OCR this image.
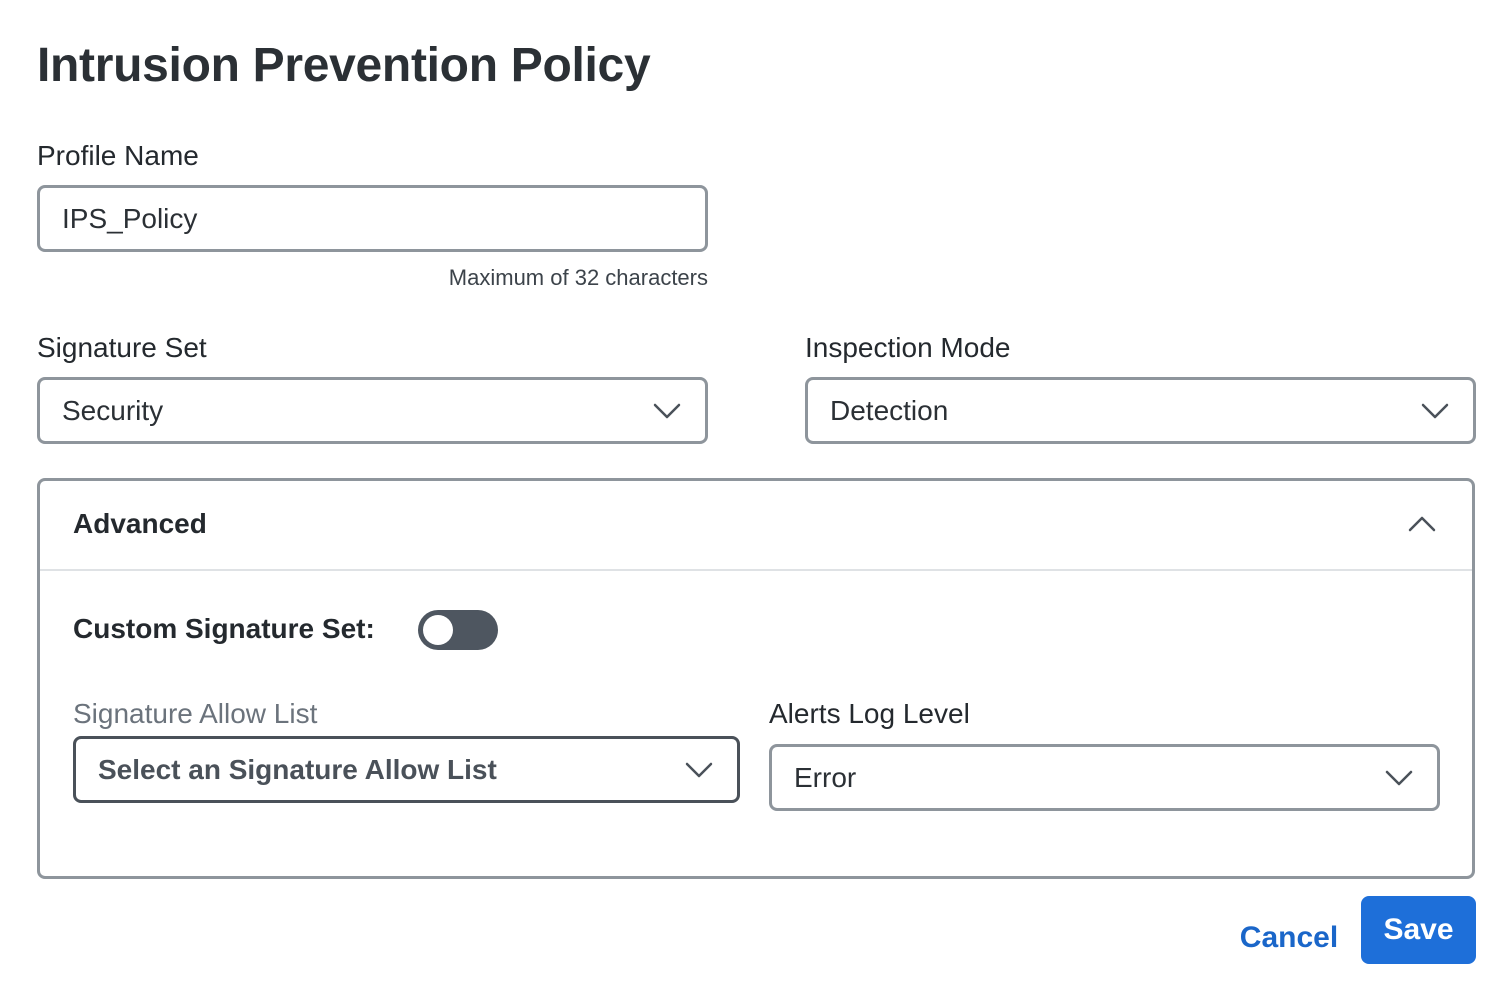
Intrusion Prevention Policy
Profile Name
IPS_Policy
Maximum of 32 characters
Signature Set
Security
Inspection Mode
Detection
Advanced
Custom Signature Set:
Signature Allow List
Select an Signature Allow List
Alerts Log Level
Error
Cancel	Save
